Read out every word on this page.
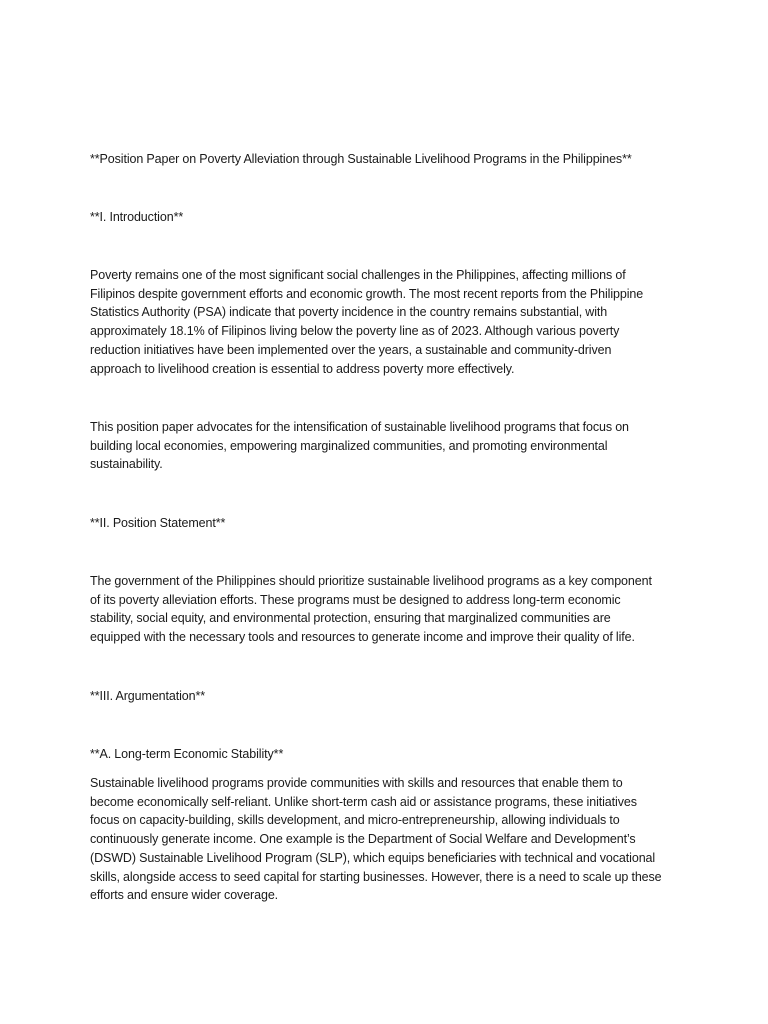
**Position Paper on Poverty Alleviation through Sustainable Livelihood Programs in the Philippines**

**I. Introduction**

Poverty remains one of the most significant social challenges in the Philippines, affecting millions of
Filipinos despite government efforts and economic growth. The most recent reports from the Philippine
Statistics Authority (PSA) indicate that poverty incidence in the country remains substantial, with
approximately 18.1% of Filipinos living below the poverty line as of 2023. Although various poverty
reduction initiatives have been implemented over the years, a sustainable and community-driven
approach to livelihood creation is essential to address poverty more effectively.

This position paper advocates for the intensification of sustainable livelihood programs that focus on
building local economies, empowering marginalized communities, and promoting environmental
sustainability.

**II. Position Statement**

The government of the Philippines should prioritize sustainable livelihood programs as a key component
of its poverty alleviation efforts. These programs must be designed to address long-term economic
stability, social equity, and environmental protection, ensuring that marginalized communities are
equipped with the necessary tools and resources to generate income and improve their quality of life.

**III. Argumentation**

**A. Long-term Economic Stability**

Sustainable livelihood programs provide communities with skills and resources that enable them to
become economically self-reliant. Unlike short-term cash aid or assistance programs, these initiatives
focus on capacity-building, skills development, and micro-entrepreneurship, allowing individuals to
continuously generate income. One example is the Department of Social Welfare and Development’s
(DSWD) Sustainable Livelihood Program (SLP), which equips beneficiaries with technical and vocational
skills, alongside access to seed capital for starting businesses. However, there is a need to scale up these
efforts and ensure wider coverage.
